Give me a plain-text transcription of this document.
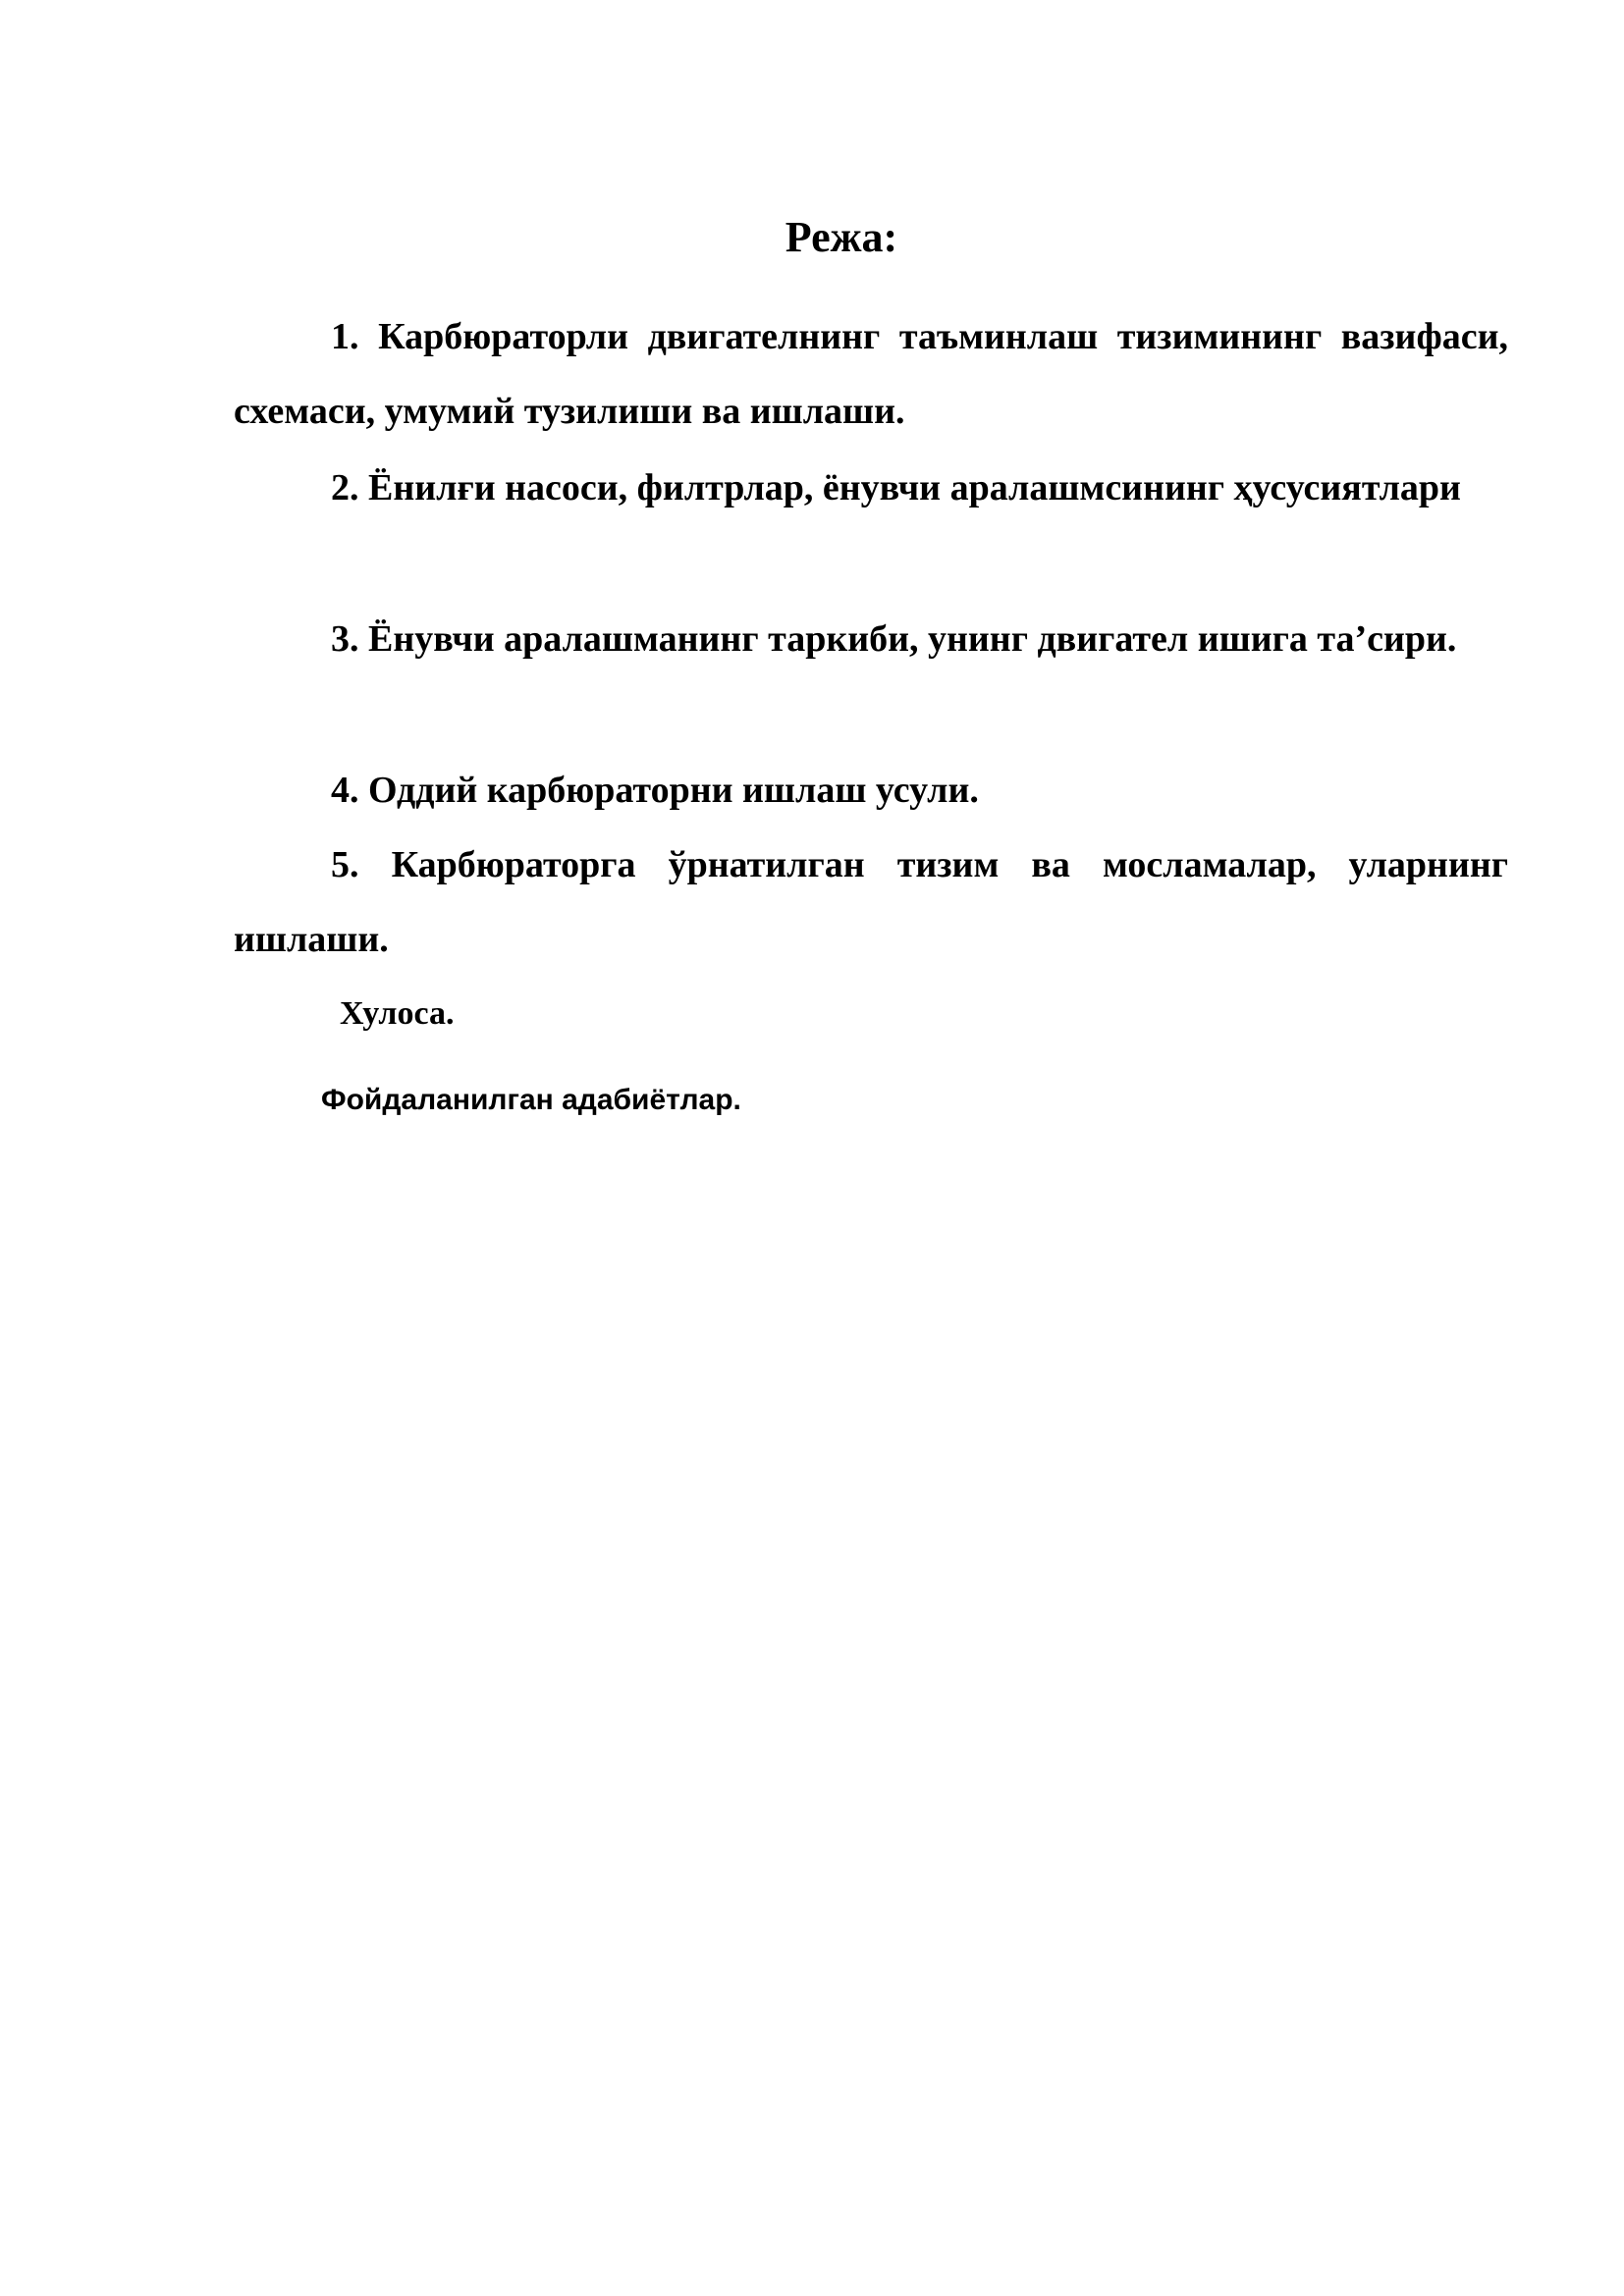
Режа:

1. Карбюраторли двигателнинг таъминлаш тизимининг вазифаси, схемаси, умумий тузилиши ва ишлаши.

2. Ёнилғи насоси, филтрлар, ёнувчи аралашмсининг ҳусусиятлари

3. Ёнувчи аралашманинг таркиби, унинг двигател ишига та’сири.

4. Оддий карбюраторни ишлаш усули.

5. Карбюраторга ўрнатилган тизим ва мосламалар, уларнинг ишлаши.

Хулоса.

Фойдаланилган адабиётлар.
